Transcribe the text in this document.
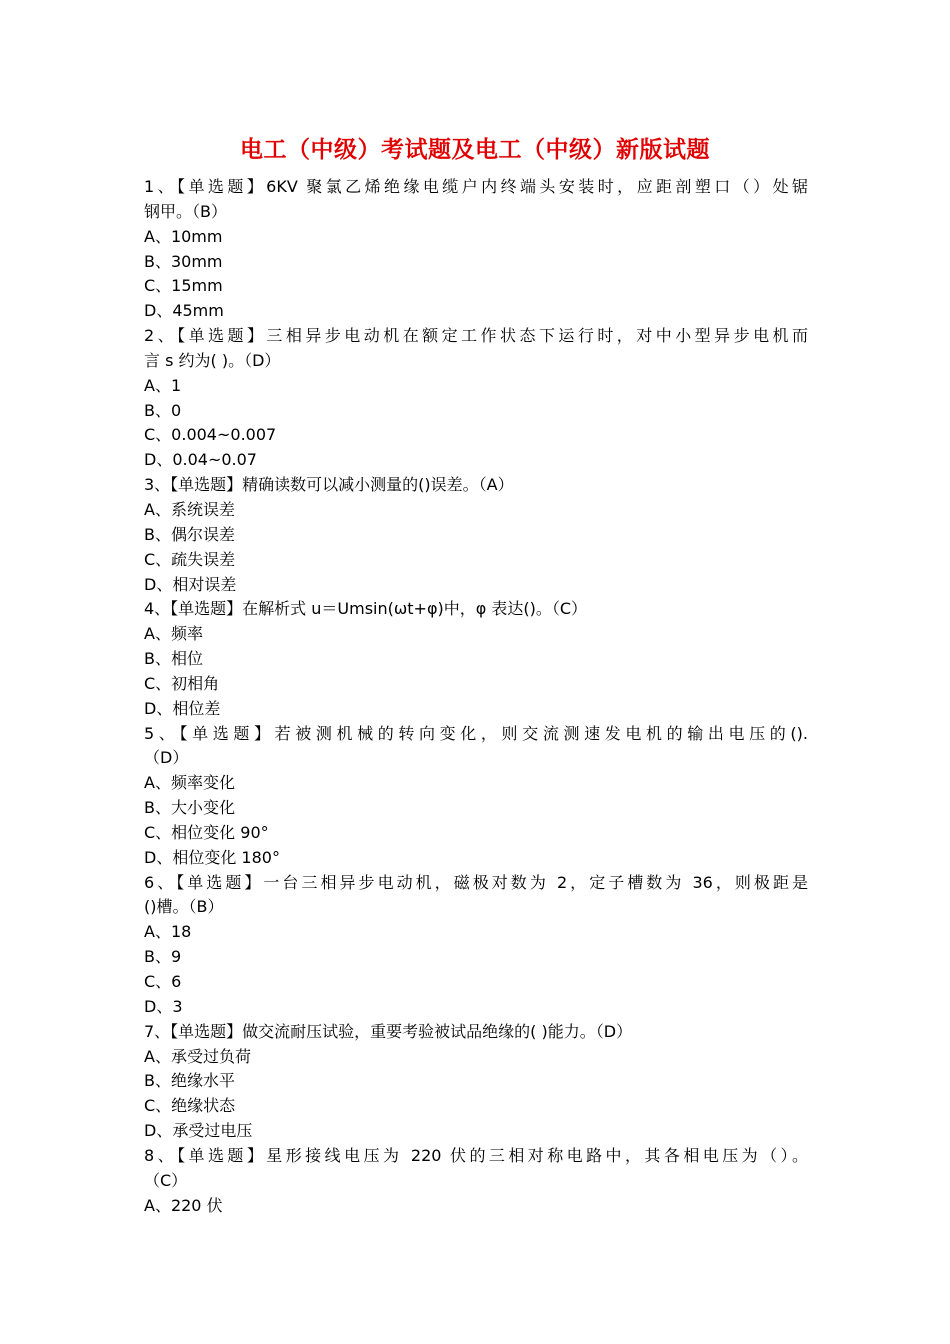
电工（中级）考试题及电工（中级）新版试题
1、【单选题】6KV 聚氯乙烯绝缘电缆户内终端头安装时，应距剖塑口（）处锯
钢甲。（B）
A、10mm
B、30mm
C、15mm
D、45mm
2、【单选题】三相异步电动机在额定工作状态下运行时，对中小型异步电机而
言 s 约为( )。（D）
A、1
B、0
C、0.004~0.007
D、0.04~0.07
3、【单选题】精确读数可以减小测量的()误差。（A）
A、系统误差
B、偶尔误差
C、疏失误差
D、相对误差
4、【单选题】在解析式 u＝Umsin(ωt+φ)中，φ 表达()。（C）
A、频率
B、相位
C、初相角
D、相位差
5、【单选题】若被测机械的转向变化，则交流测速发电机的输出电压的().
（D）
A、频率变化
B、大小变化
C、相位变化 90°
D、相位变化 180°
6、【单选题】一台三相异步电动机，磁极对数为 2，定子槽数为 36，则极距是
()槽。（B）
A、18
B、9
C、6
D、3
7、【单选题】做交流耐压试验，重要考验被试品绝缘的( )能力。（D）
A、承受过负荷
B、绝缘水平
C、绝缘状态
D、承受过电压
8、【单选题】星形接线电压为 220 伏的三相对称电路中，其各相电压为（）。
（C）
A、220 伏
